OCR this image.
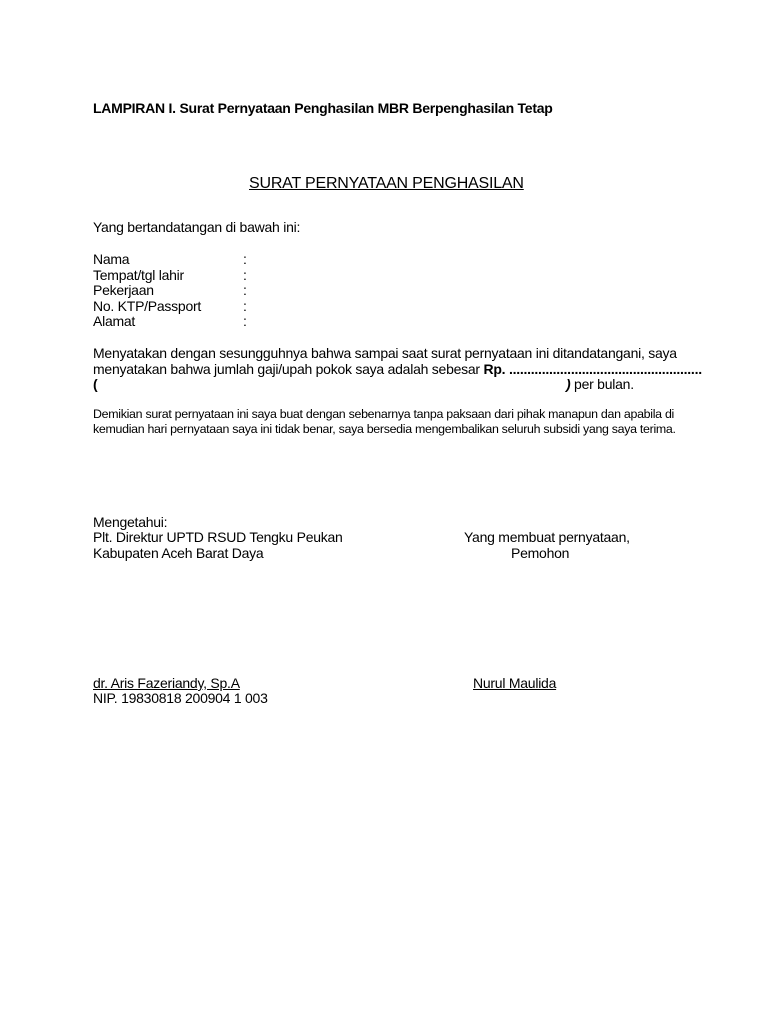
LAMPIRAN I. Surat Pernyataan Penghasilan MBR Berpenghasilan Tetap
SURAT PERNYATAAN PENGHASILAN
Yang bertandatangan di bawah ini:
Nama	:
Tempat/tgl lahir	:
Pekerjaan	:
No. KTP/Passport	:
Alamat	:
Menyatakan dengan sesungguhnya bahwa sampai saat surat pernyataan ini ditandatangani, saya
menyatakan bahwa jumlah gaji/upah pokok saya adalah sebesar Rp. .....................................................
(	) per bulan.
Demikian surat pernyataan ini saya buat dengan sebenarnya tanpa paksaan dari pihak manapun dan apabila di
kemudian hari pernyataan saya ini tidak benar, saya bersedia mengembalikan seluruh subsidi yang saya terima.
Mengetahui:
Plt. Direktur UPTD RSUD Tengku Peukan
Kabupaten Aceh Barat Daya
Yang membuat pernyataan,
Pemohon
dr. Aris Fazeriandy, Sp.A
NIP. 19830818 200904 1 003
Nurul Maulida
